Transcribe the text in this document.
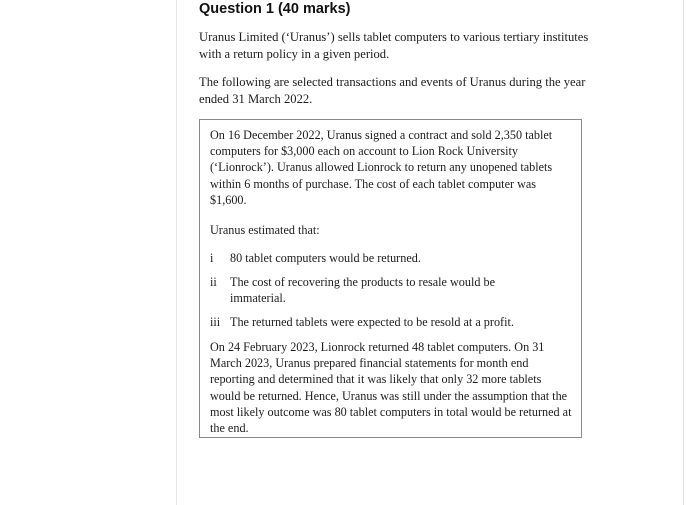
Question 1 (40 marks)
Uranus Limited (‘Uranus’) sells tablet computers to various tertiary institutes with a return policy in a given period.
The following are selected transactions and events of Uranus during the year ended 31 March 2022.
On 16 December 2022, Uranus signed a contract and sold 2,350 tablet computers for $3,000 each on account to Lion Rock University (‘Lionrock’). Uranus allowed Lionrock to return any unopened tablets within 6 months of purchase. The cost of each tablet computer was $1,600.
Uranus estimated that:
i 80 tablet computers would be returned.
ii The cost of recovering the products to resale would be immaterial.
iii The returned tablets were expected to be resold at a profit.
On 24 February 2023, Lionrock returned 48 tablet computers. On 31 March 2023, Uranus prepared financial statements for month end reporting and determined that it was likely that only 32 more tablets would be returned. Hence, Uranus was still under the assumption that the most likely outcome was 80 tablet computers in total would be returned at the end.
